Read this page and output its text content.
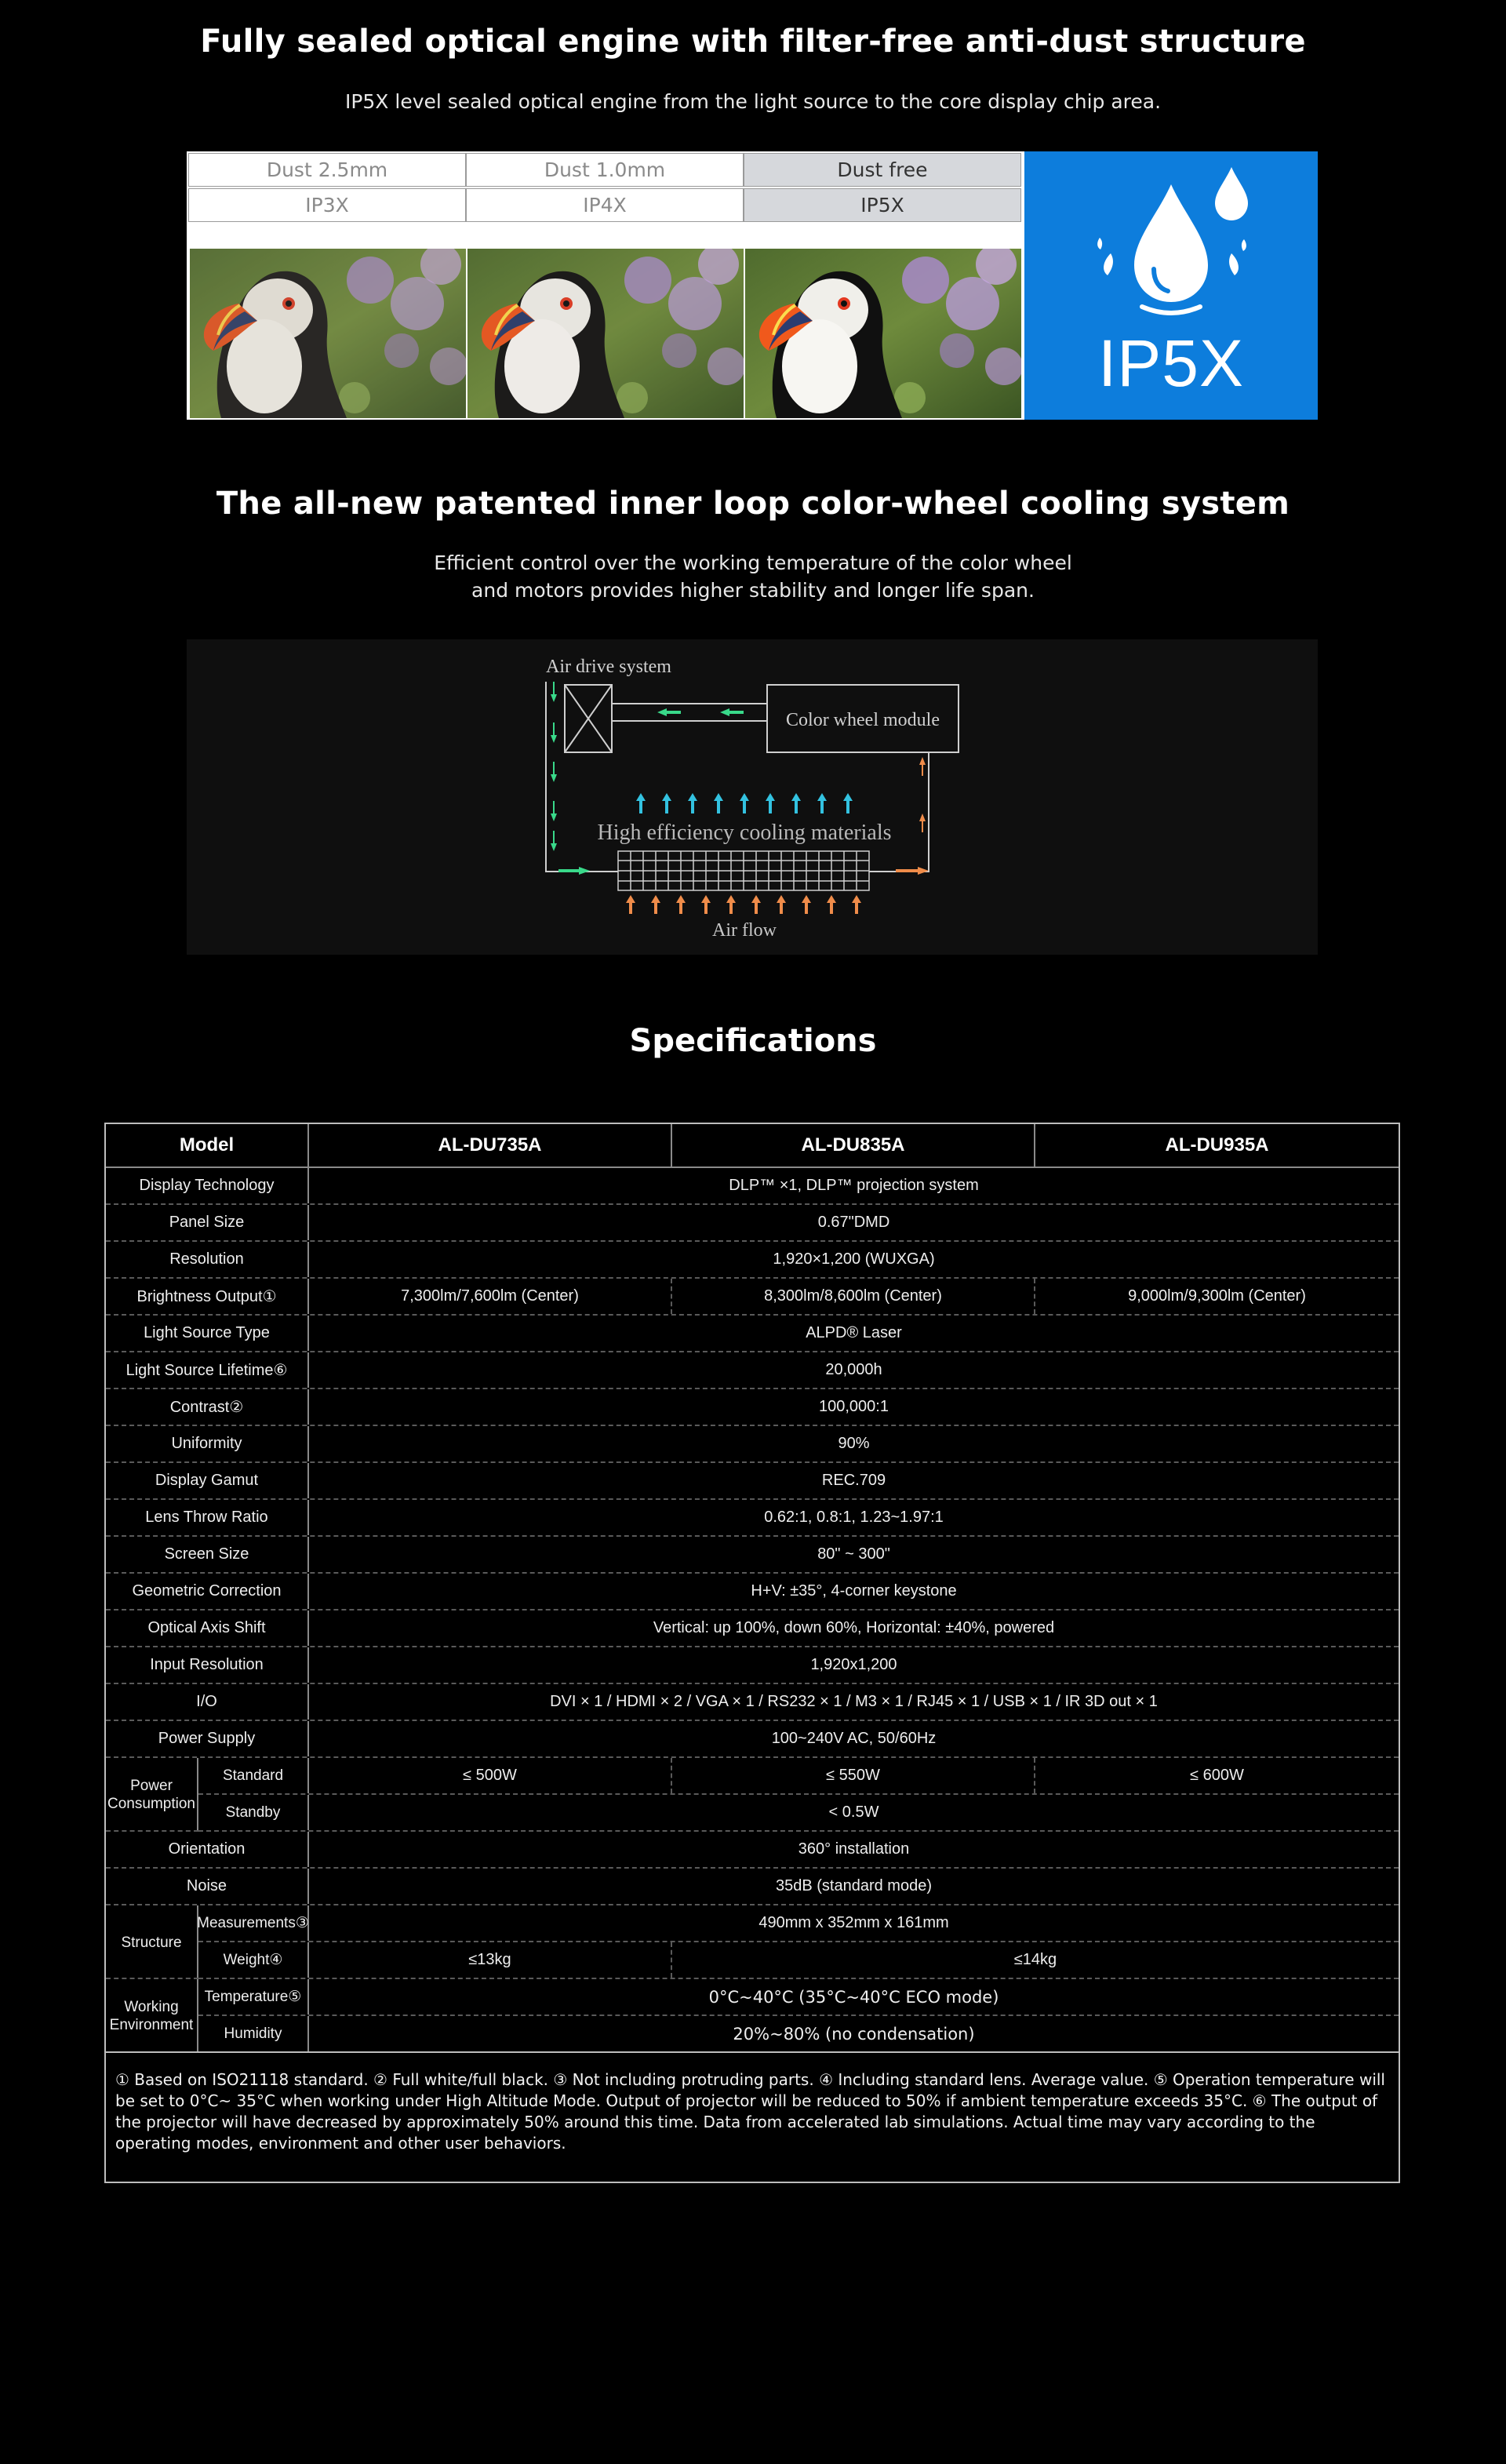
Fully sealed optical engine with filter-free anti-dust structure
IP5X level sealed optical engine from the light source to the core display chip area.
Dust 2.5mm
IP3X
Dust 1.0mm
IP4X
Dust free
IP5X
IP5X
The all-new patented inner loop color-wheel cooling system
Efficient control over the working temperature of the color wheel
and motors provides higher stability and longer life span.
Color wheel module
Air drive system
High efficiency cooling materials
Air flow
Specifications
Model	AL-DU735A	AL-DU835A	AL-DU935A
Display Technology	DLP™ ×1, DLP™ projection system
Panel Size	0.67"DMD
Resolution	1,920×1,200 (WUXGA)
Brightness Output①	7,300lm/7,600lm (Center)	8,300lm/8,600lm (Center)	9,000lm/9,300lm (Center)
Light Source Type	ALPD® Laser
Light Source Lifetime⑥	20,000h
Contrast②	100,000:1
Uniformity	90%
Display Gamut	REC.709
Lens Throw Ratio	0.62:1, 0.8:1, 1.23~1.97:1
Screen Size	80" ~ 300"
Geometric Correction	H+V: ±35°, 4-corner keystone
Optical Axis Shift	Vertical: up 100%, down 60%, Horizontal: ±40%, powered
Input Resolution	1,920x1,200
I/O	DVI × 1 / HDMI × 2 / VGA × 1 / RS232 × 1 / M3 × 1 / RJ45 × 1 / USB × 1 / IR 3D out × 1
Power Supply	100~240V AC, 50/60Hz
Power Consumption
Standard	≤ 500W	≤ 550W	≤ 600W
Standby	< 0.5W
Orientation	360° installation
Noise	35dB (standard mode)
Structure
Measurements③	490mm x 352mm x 161mm
Weight④	≤13kg	≤14kg
Working Environment
Temperature⑤	0°C~40°C (35°C~40°C ECO mode)
Humidity	20%~80% (no condensation)
① Based on ISO21118 standard. ② Full white/full black. ③ Not including protruding parts. ④ Including standard lens. Average value. ⑤ Operation temperature will be set to 0°C~ 35°C when working under High Altitude Mode. Output of projector will be reduced to 50% if ambient temperature exceeds 35°C. ⑥ The output of the projector will have decreased by approximately 50% around this time. Data from accelerated lab simulations. Actual time may vary according to the operating modes, environment and other user behaviors.
